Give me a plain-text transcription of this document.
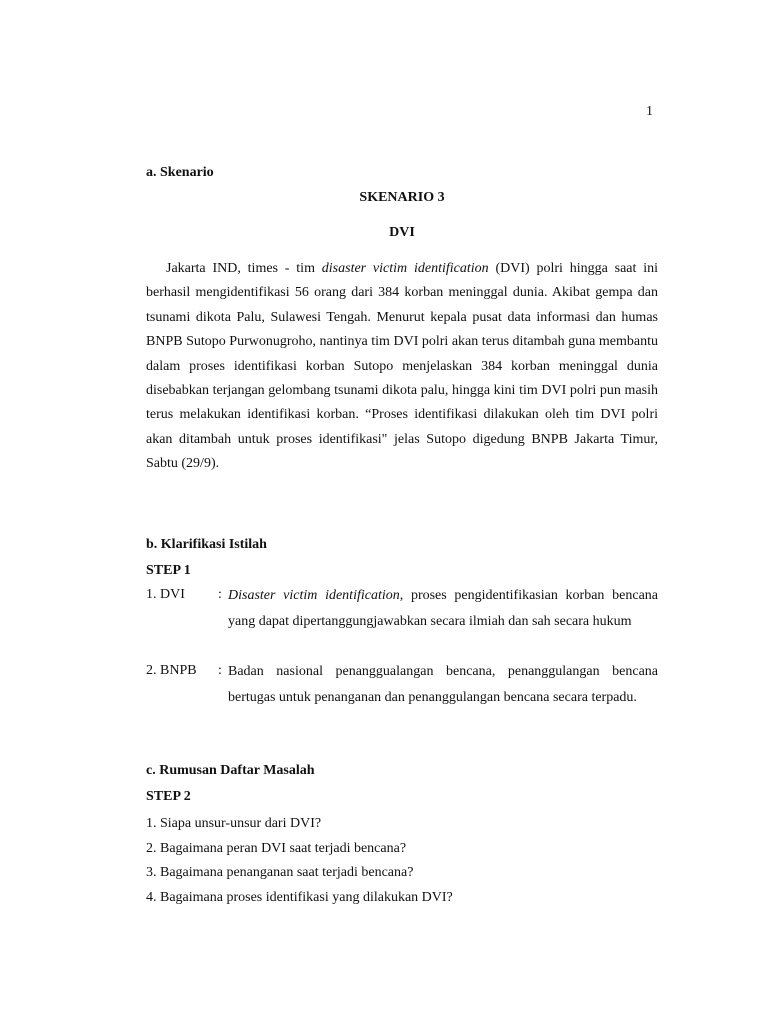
1
a. Skenario
SKENARIO 3
DVI

Jakarta IND, times - tim disaster victim identification (DVI) polri hingga saat ini berhasil mengidentifikasi 56 orang dari 384 korban meninggal dunia. Akibat gempa dan tsunami dikota Palu, Sulawesi Tengah. Menurut kepala pusat data informasi dan humas BNPB Sutopo Purwonugroho, nantinya tim DVI polri akan terus ditambah guna membantu dalam proses identifikasi korban Sutopo menjelaskan 384 korban meninggal dunia disebabkan terjangan gelombang tsunami dikota palu, hingga kini tim DVI polri pun masih terus melakukan identifikasi korban. “Proses identifikasi dilakukan oleh tim DVI polri akan ditambah untuk proses identifikasi" jelas Sutopo digedung BNPB Jakarta Timur, Sabtu (29/9).

b. Klarifikasi Istilah
STEP 1
1. DVI : Disaster victim identification, proses pengidentifikasian korban bencana yang dapat dipertanggungjawabkan secara ilmiah dan sah secara hukum

2. BNPB : Badan nasional penanggualangan bencana, penanggulangan bencana bertugas untuk penanganan dan penanggulangan bencana secara terpadu.

c. Rumusan Daftar Masalah
STEP 2
1. Siapa unsur-unsur dari DVI?
2. Bagaimana peran DVI saat terjadi bencana?
3. Bagaimana penanganan saat terjadi bencana?
4. Bagaimana proses identifikasi yang dilakukan DVI?
